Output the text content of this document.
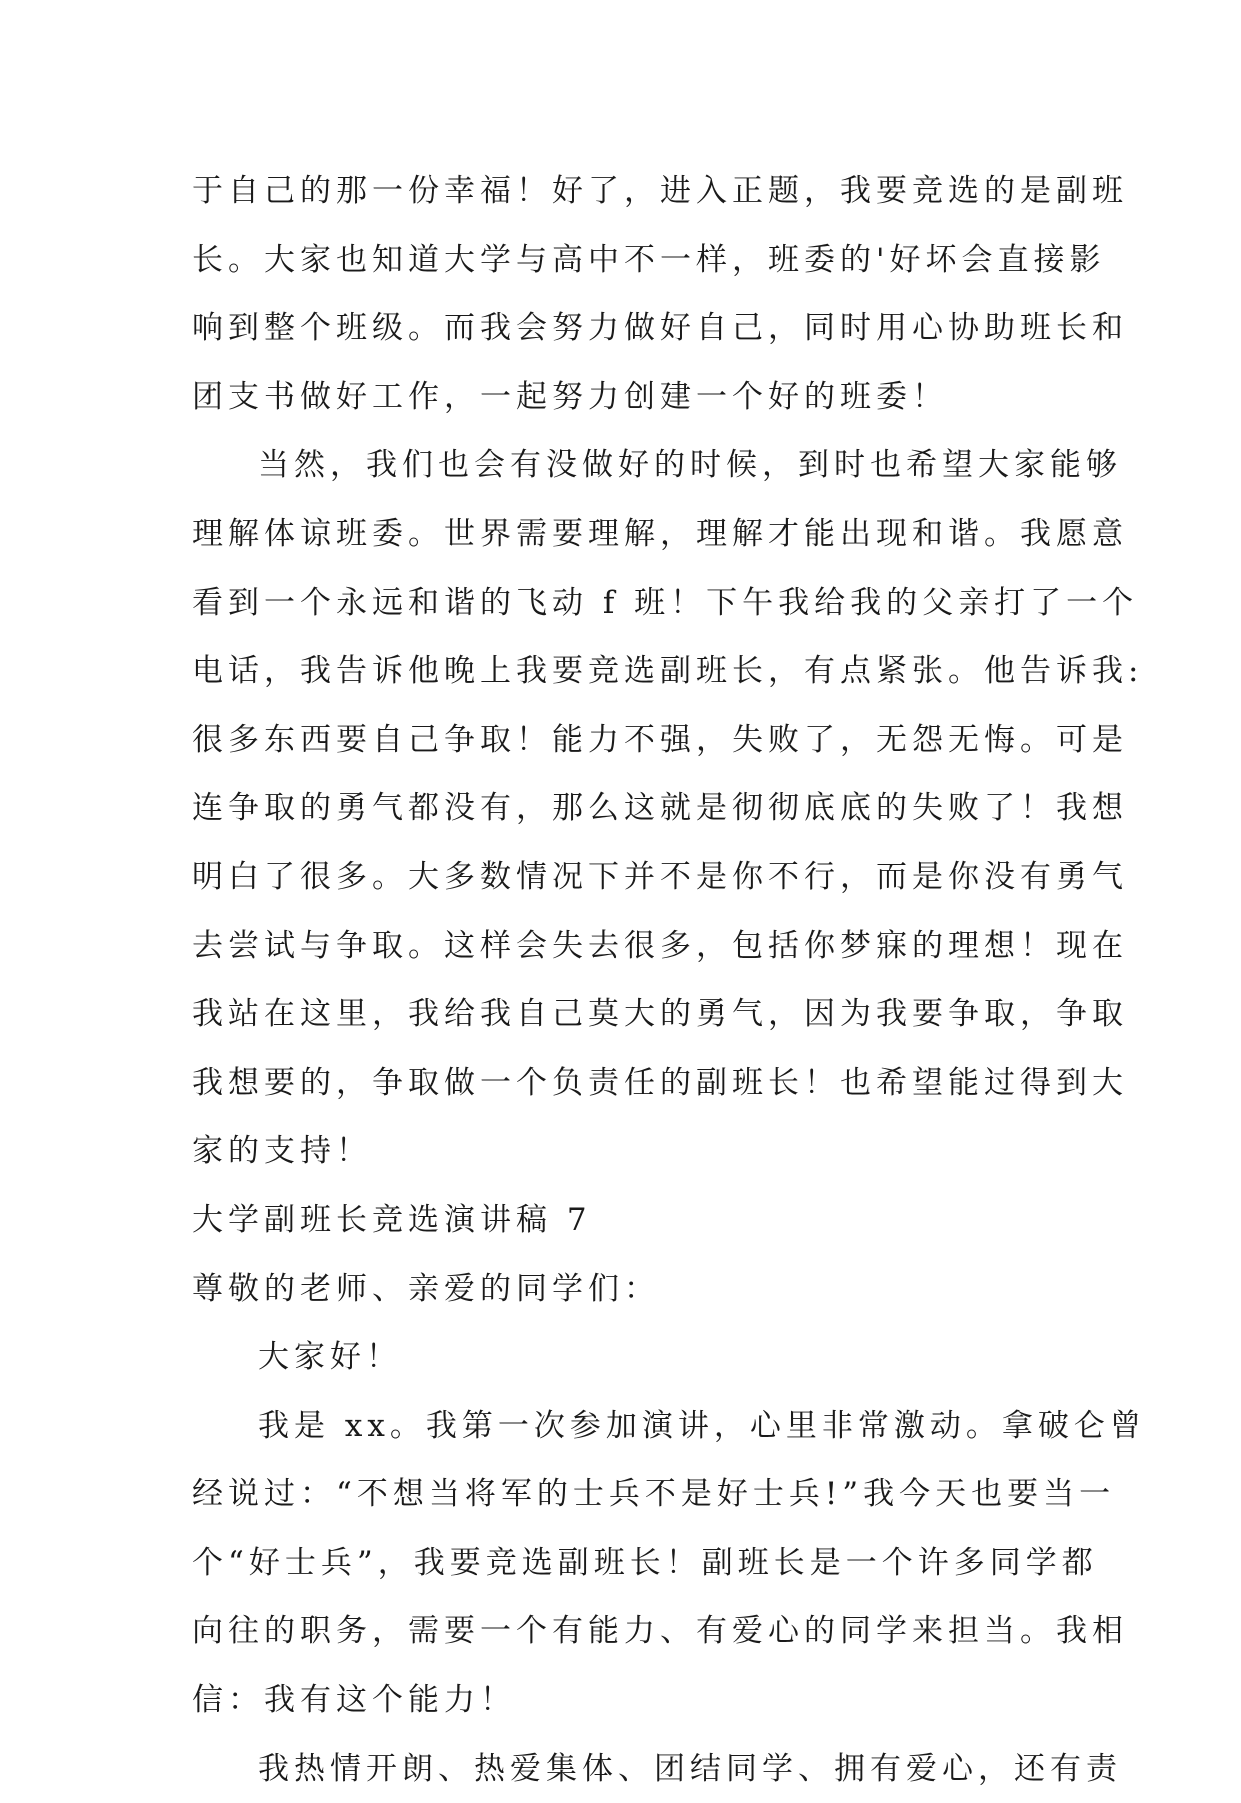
于自己的那一份幸福！好了，进入正题，我要竞选的是副班
长。大家也知道大学与高中不一样，班委的'好坏会直接影
响到整个班级。而我会努力做好自己，同时用心协助班长和
团支书做好工作，一起努力创建一个好的班委！
当然，我们也会有没做好的时候，到时也希望大家能够
理解体谅班委。世界需要理解，理解才能出现和谐。我愿意
看到一个永远和谐的飞动 f 班！下午我给我的父亲打了一个
电话，我告诉他晚上我要竞选副班长，有点紧张。他告诉我:
很多东西要自己争取！能力不强，失败了，无怨无悔。可是
连争取的勇气都没有，那么这就是彻彻底底的失败了！我想
明白了很多。大多数情况下并不是你不行，而是你没有勇气
去尝试与争取。这样会失去很多，包括你梦寐的理想！现在
我站在这里，我给我自己莫大的勇气，因为我要争取，争取
我想要的，争取做一个负责任的副班长！也希望能过得到大
家的支持！
大学副班长竞选演讲稿 7
尊敬的老师、亲爱的同学们：
大家好！
我是 xx。我第一次参加演讲，心里非常激动。拿破仑曾
经说过：“不想当将军的士兵不是好士兵!”我今天也要当一
个“好士兵”，我要竞选副班长！副班长是一个许多同学都
向往的职务，需要一个有能力、有爱心的同学来担当。我相
信：我有这个能力！
我热情开朗、热爱集体、团结同学、拥有爱心，还有责
